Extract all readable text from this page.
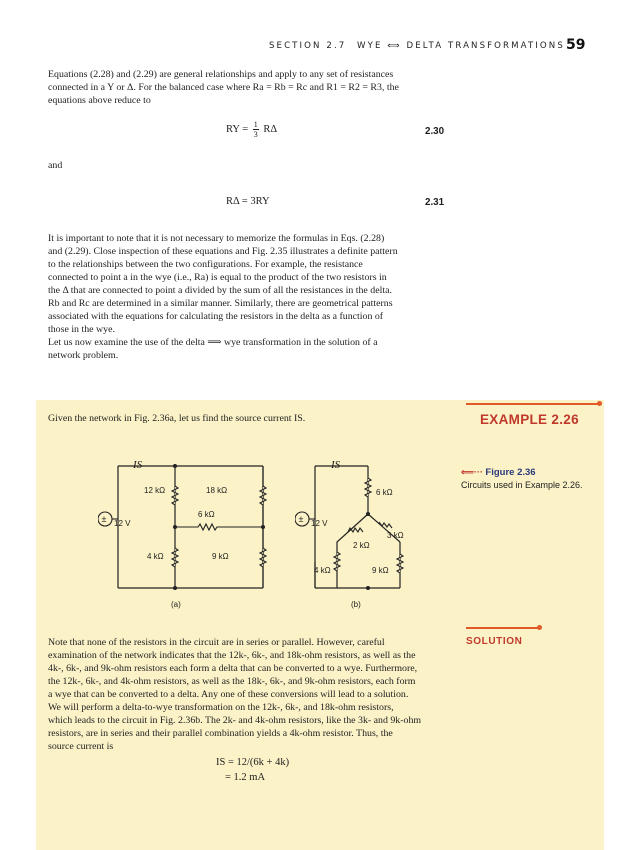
SECTION 2.7 WYE ⟺ DELTA TRANSFORMATIONS 59
Equations (2.28) and (2.29) are general relationships and apply to any set of resistances
connected in a Y or Δ. For the balanced case where Ra = Rb = Rc and R1 = R2 = R3, the
equations above reduce to
RY = $\frac{1}{3}$ RΔ	2.30
and
RΔ = 3RY	2.31
It is important to note that it is not necessary to memorize the formulas in Eqs. (2.28)
and (2.29). Close inspection of these equations and Fig. 2.35 illustrates a definite pattern
to the relationships between the two configurations. For example, the resistance
connected to point a in the wye (i.e., Ra) is equal to the product of the two resistors in
the Δ that are connected to point a divided by the sum of all the resistances in the delta.
Rb and Rc are determined in a similar manner. Similarly, there are geometrical patterns
associated with the equations for calculating the resistors in the delta as a function of
those in the wye.
Let us now examine the use of the delta ⟹ wye transformation in the solution of a
network problem.
EXAMPLE 2.26
Given the network in Fig. 2.36a, let us find the source current IS.
⟸··· Figure 2.36
Circuits used in Example 2.26.
±
IS
12 V
12 kΩ	18 kΩ
6 kΩ
4 kΩ	9 kΩ
(a)
±
IS
12 V
6 kΩ
3 kΩ
2 kΩ
4 kΩ	9 kΩ
(b)
SOLUTION
Note that none of the resistors in the circuit are in series or parallel. However, careful
examination of the network indicates that the 12k-, 6k-, and 18k-ohm resistors, as well as the
4k-, 6k-, and 9k-ohm resistors each form a delta that can be converted to a wye. Furthermore,
the 12k-, 6k-, and 4k-ohm resistors, as well as the 18k-, 6k-, and 9k-ohm resistors, each form
a wye that can be converted to a delta. Any one of these conversions will lead to a solution.
We will perform a delta-to-wye transformation on the 12k-, 6k-, and 18k-ohm resistors,
which leads to the circuit in Fig. 2.36b. The 2k- and 4k-ohm resistors, like the 3k- and 9k-ohm
resistors, are in series and their parallel combination yields a 4k-ohm resistor. Thus, the
source current is
IS = 12/(6k + 4k)
= 1.2 mA
